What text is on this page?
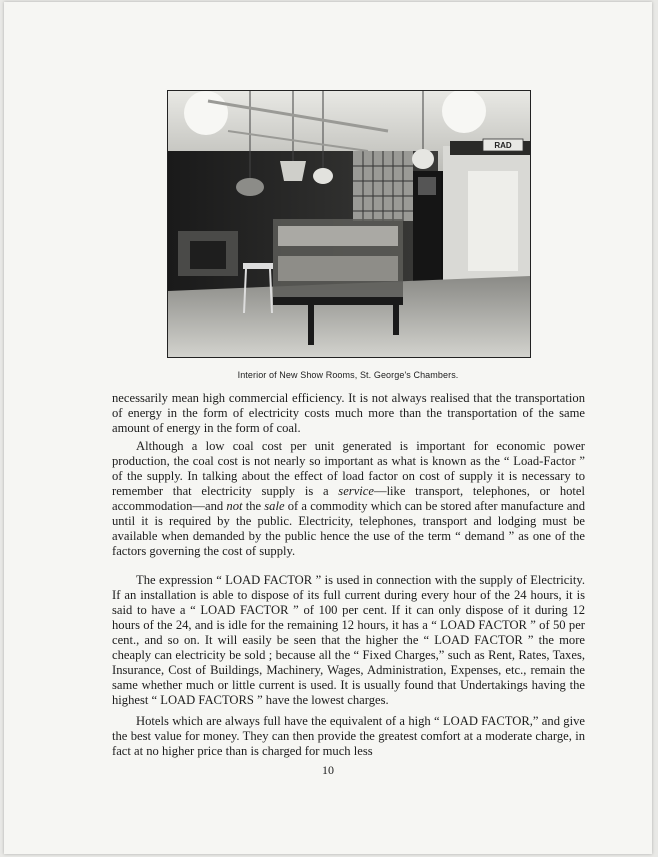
RAD
Interior of New Show Rooms, St. George's Chambers.

necessarily mean high commercial efficiency. It is not always realised that the transportation of energy in the form of electricity costs much more than the transportation of the same amount of energy in the form of coal.

Although a low coal cost per unit generated is important for economic power production, the coal cost is not nearly so important as what is known as the “ Load-Factor ” of the supply. In talking about the effect of load factor on cost of supply it is necessary to remember that electricity supply is a service—like transport, telephones, or hotel accommodation—and not the sale of a commodity which can be stored after manufacture and until it is required by the public. Electricity, telephones, transport and lodging must be available when demanded by the public hence the use of the term “ demand ” as one of the factors governing the cost of supply.

The expression “ LOAD FACTOR ” is used in connection with the supply of Electricity. If an installation is able to dispose of its full current during every hour of the 24 hours, it is said to have a “ LOAD FACTOR ” of 100 per cent. If it can only dispose of it during 12 hours of the 24, and is idle for the remaining 12 hours, it has a “ LOAD FACTOR ” of 50 per cent., and so on. It will easily be seen that the higher the “ LOAD FACTOR ” the more cheaply can electricity be sold ; because all the “ Fixed Charges,” such as Rent, Rates, Taxes, Insurance, Cost of Buildings, Machinery, Wages, Administration, Expenses, etc., remain the same whether much or little current is used. It is usually found that Undertakings having the highest “ LOAD FACTORS ” have the lowest charges.

Hotels which are always full have the equivalent of a high “ LOAD FACTOR,” and give the best value for money. They can then provide the greatest comfort at a moderate charge, in fact at no higher price than is charged for much less

10
